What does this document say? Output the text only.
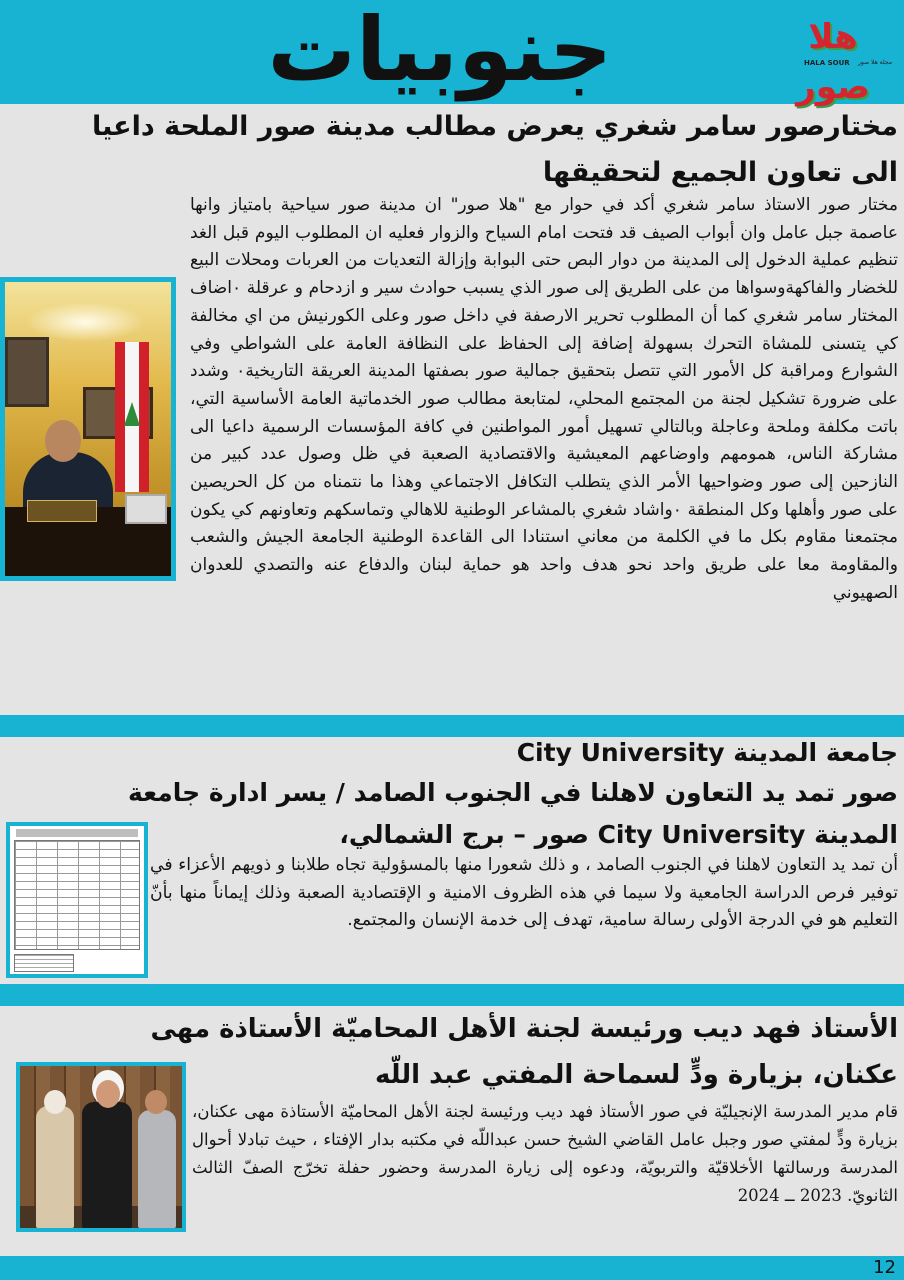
هلا صور
HALA SOUR مجلة هلا صور
جنوبيات
مختارصور سامر شغري يعرض مطالب مدينة صور الملحة داعيا الى تعاون الجميع لتحقيقها

مختار صور الاستاذ سامر شغري أكد في حوار مع "هلا صور" ان مدينة صور سياحية بامتياز وانها عاصمة جبل عامل وان أبواب الصيف قد فتحت امام السياح والزوار فعليه ان المطلوب اليوم قبل الغد تنظيم عملية الدخول إلى المدينة من دوار البص حتى البوابة وإزالة التعديات من العربات ومحلات البيع للخضار والفاكهةوسواها من على الطريق إلى صور الذي يسبب حوادث سير و ازدحام و عرقلة ٠اضاف المختار سامر شغري كما أن المطلوب تحرير الارصفة في داخل صور وعلى الكورنيش من اي مخالفة كي يتسنى للمشاة التحرك بسهولة إضافة إلى الحفاظ على النظافة العامة على الشواطي وفي الشوارع ومراقبة كل الأمور التي تتصل بتحقيق جمالية صور بصفتها المدينة العريقة التاريخية٠ وشدد على ضرورة تشكيل لجنة من المجتمع المحلي، لمتابعة مطالب صور الخدماتية العامة الأساسية التي، باتت مكلفة وملحة وعاجلة وبالتالي تسهيل أمور المواطنين في كافة المؤسسات الرسمية داعيا الى مشاركة الناس، همومهم واوضاعهم المعيشية والاقتصادية الصعبة في ظل وصول عدد كبير من النازحين إلى صور وضواحيها الأمر الذي يتطلب التكافل الاجتماعي وهذا ما نتمناه من كل الحريصين على صور وأهلها وكل المنطقة ٠واشاد شغري بالمشاعر الوطنية للاهالي وتماسكهم وتعاونهم كي يكون مجتمعنا مقاوم بكل ما في الكلمة من معاني استنادا الى القاعدة الوطنية الجامعة الجيش والشعب والمقاومة معا على طريق واحد نحو هدف واحد هو حماية لبنان والدفاع عنه والتصدي للعدوان الصهيوني

جامعة المدينة City University
صور تمد يد التعاون لاهلنا في الجنوب الصامد / يسر ادارة جامعة المدينة City University صور – برج الشمالي،

أن تمد يد التعاون لاهلنا في الجنوب الصامد ، و ذلك شعورا منها بالمسؤولية تجاه طلابنا و ذويهم الأعزاء في توفير فرص الدراسة الجامعية ولا سيما في هذه الظروف الامنية و الإقتصادية الصعبة وذلك إيماناً منها بأنّ التعليم هو في الدرجة الأولى رسالة سامية، تهدف إلى خدمة الإنسان والمجتمع.

الأستاذ فهد ديب ورئيسة لجنة الأهل المحاميّة الأستاذة مهى عكنان، بزيارة ودٍّ لسماحة المفتي عبد اللّه

قام مدير المدرسة الإنجيليّة في صور الأستاذ فهد ديب ورئيسة لجنة الأهل المحاميّة الأستاذة مهى عكنان، بزيارة ودٍّ لمفتي صور وجبل عامل القاضي الشيخ حسن عبداللّه في مكتبه بدار الإفتاء ، حيث تبادلا أحوال المدرسة ورسالتها الأخلاقيّة والتربويّة، ودعوه إلى زيارة المدرسة وحضور حفلة تخرّج الصفّ الثالث الثانويّ. 2023 ــ 2024

12
